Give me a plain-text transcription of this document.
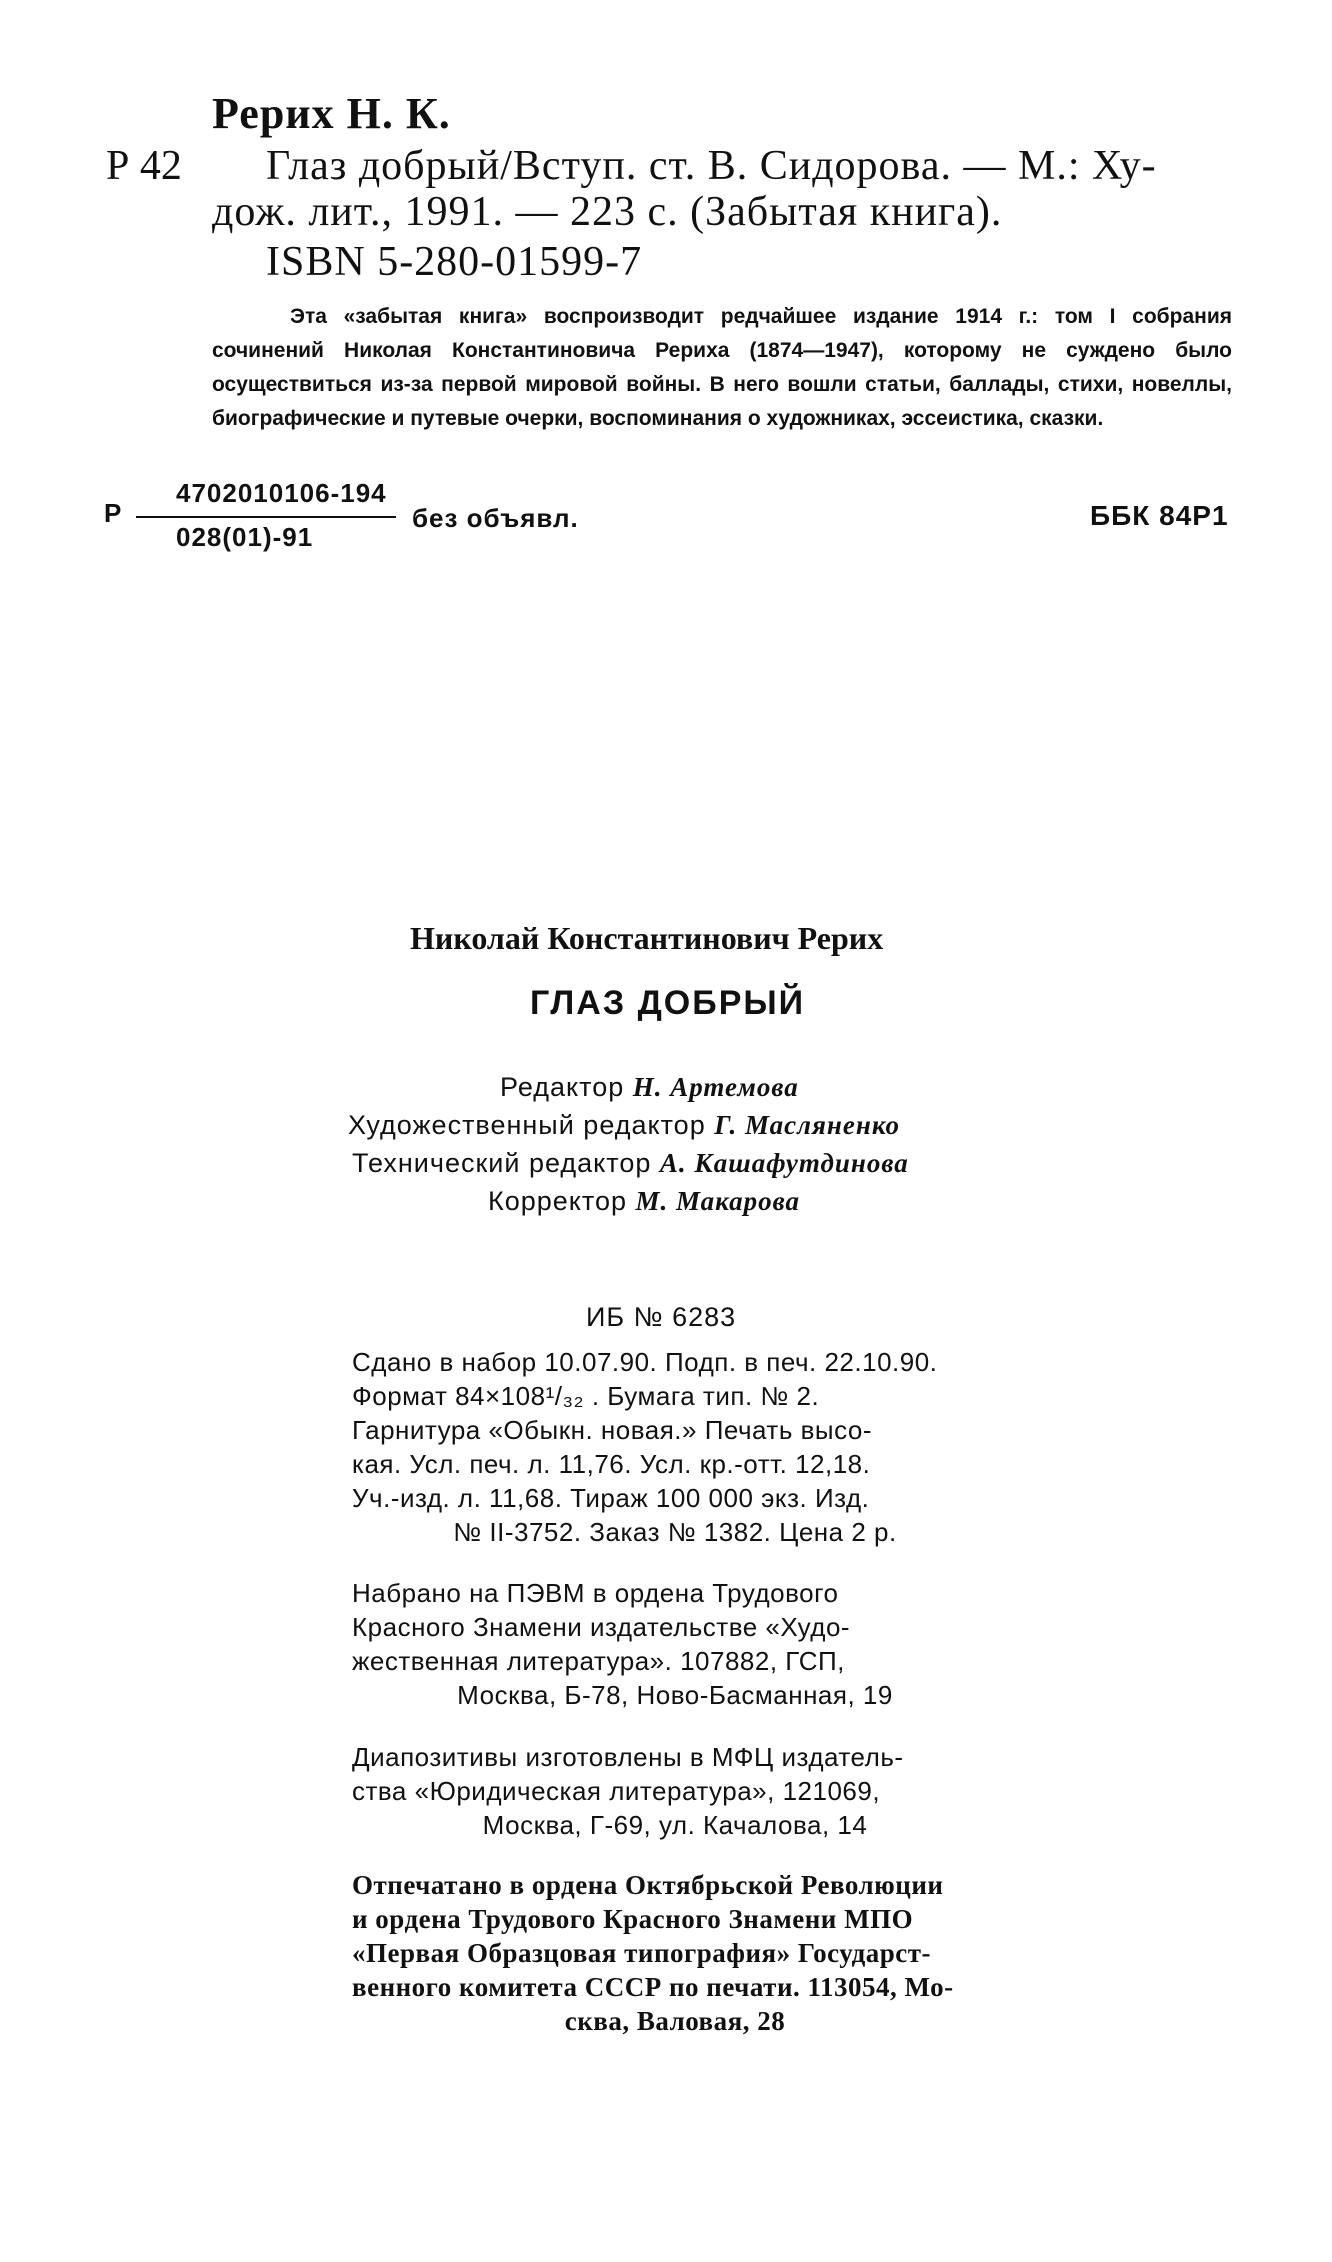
Рерих Н. К.
Р 42 Глаз добрый/Вступ. ст. В. Сидорова. — М.: Ху-
дож. лит., 1991. — 223 с. (Забытая книга).
ISBN 5-280-01599-7

Эта «забытая книга» воспроизводит редчайшее издание 1914 г.: том I собрания сочинений Николая Константиновича Рериха (1874—1947), которому не суждено было осуществиться из-за первой мировой войны. В него вошли статьи, баллады, стихи, новеллы, биографические и путевые очерки, воспоминания о художниках, эссеистика, сказки.

Р
4702010106-194
028(01)-91
без объявл.	ББК 84Р1
Николай Константинович Рерих
ГЛАЗ ДОБРЫЙ
Редактор Н. Артемова
Художественный редактор Г. Масляненко
Технический редактор А. Кашафутдинова
Корректор М. Макарова
ИБ № 6283
Сдано в набор 10.07.90. Подп. в печ. 22.10.90.
Формат 84×108¹/₃₂ . Бумага тип. № 2.
Гарнитура «Обыкн. новая.» Печать высо-
кая. Усл. печ. л. 11,76. Усл. кр.-отт. 12,18.
Уч.-изд. л. 11,68. Тираж 100 000 экз. Изд.
№ II-3752. Заказ № 1382. Цена 2 р.
Набрано на ПЭВМ в ордена Трудового
Красного Знамени издательстве «Худо-
жественная литература». 107882, ГСП,
Москва, Б-78, Ново-Басманная, 19
Диапозитивы изготовлены в МФЦ издатель-
ства «Юридическая литература», 121069,
Москва, Г-69, ул. Качалова, 14
Отпечатано в ордена Октябрьской Революции
и ордена Трудового Красного Знамени МПО
«Первая Образцовая типография» Государст-
венного комитета СССР по печати. 113054, Мо-
сква, Валовая, 28
